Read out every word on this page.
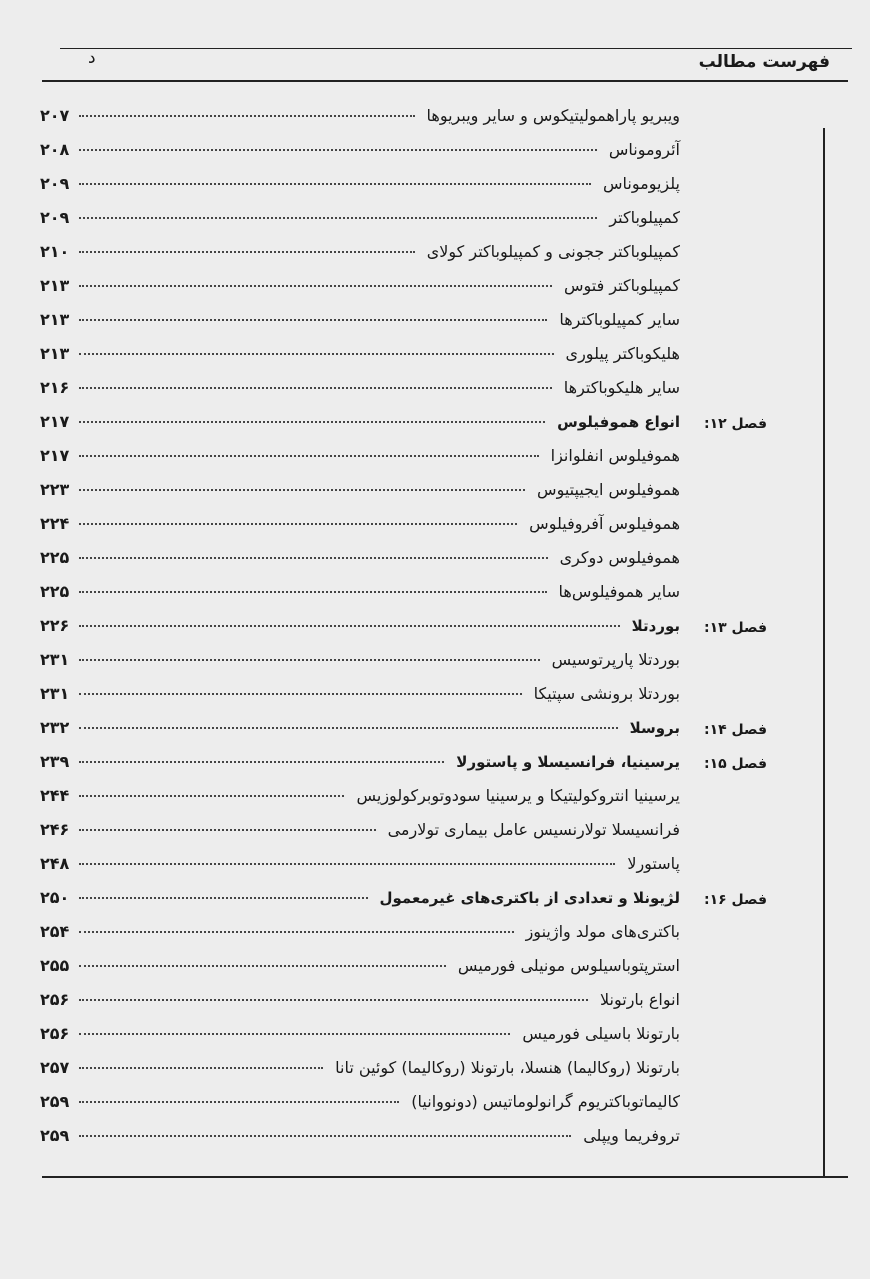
فهرست مطالب
د
ویبریو پاراهمولیتیکوس و سایر ویبریوها
۲۰۷
آئروموناس
۲۰۸
پلزیوموناس
۲۰۹
کمپیلوباکتر
۲۰۹
کمپیلوباکتر ججونی و کمپیلوباکتر کولای
۲۱۰
کمپیلوباکتر فتوس
۲۱۳
سایر کمپیلوباکترها
۲۱۳
هلیکوباکتر پیلوری
۲۱۳
سایر هلیکوباکترها
۲۱۶
فصل ۱۲:
انواع هموفیلوس
۲۱۷
هموفیلوس انفلوانزا
۲۱۷
هموفیلوس ایجیپتیوس
۲۲۳
هموفیلوس آفروفیلوس
۲۲۴
هموفیلوس دوکری
۲۲۵
سایر هموفیلوس‌ها
۲۲۵
فصل ۱۳:
بوردتلا
۲۲۶
بوردتلا پارپرتوسیس
۲۳۱
بوردتلا برونشی سپتیکا
۲۳۱
فصل ۱۴:
بروسلا
۲۳۲
فصل ۱۵:
یرسینیا، فرانسیسلا و پاستورلا
۲۳۹
یرسینیا انتروکولیتیکا و یرسینیا سودوتوبرکولوزیس
۲۴۴
فرانسیسلا تولارنسیس عامل بیماری تولارمی
۲۴۶
پاستورلا
۲۴۸
فصل ۱۶:
لژیونلا و تعدادی از باکتری‌های غیرمعمول
۲۵۰
باکتری‌های مولد واژینوز
۲۵۴
استرپتوباسیلوس مونیلی فورمیس
۲۵۵
انواع بارتونلا
۲۵۶
بارتونلا باسیلی فورمیس
۲۵۶
بارتونلا (روکالیما) هنسلا، بارتونلا (روکالیما) کوئین تانا
۲۵۷
کالیماتوباکتریوم گرانولوماتیس (دونووانیا)
۲۵۹
تروفریما ویپلی
۲۵۹
